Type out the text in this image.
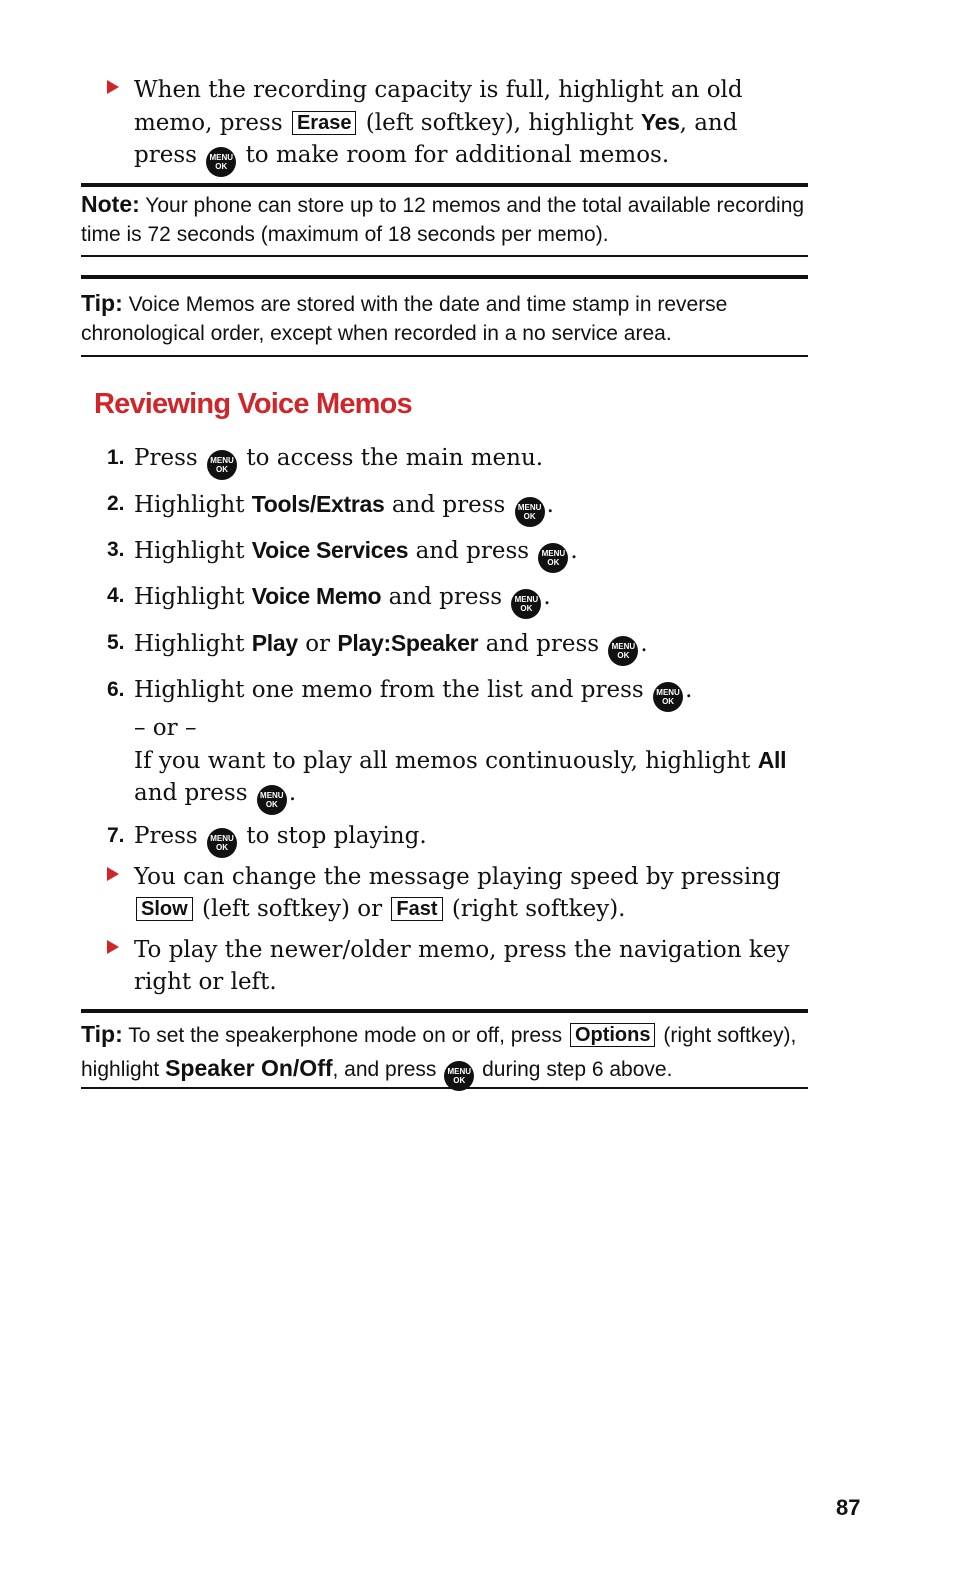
When the recording capacity is full, highlight an old memo, press Erase (left softkey), highlight Yes, and press MENU
OK to make room for additional memos.
Note: Your phone can store up to 12 memos and the total available recording time is 72 seconds (maximum of 18 seconds per memo).
Tip: Voice Memos are stored with the date and time stamp in reverse chronological order, except when recorded in a no service area.
Reviewing Voice Memos
1. Press MENU
OK to access the main menu.
2. Highlight Tools/Extras and press MENU
OK .
3. Highlight Voice Services and press MENU
OK .
4. Highlight Voice Memo and press MENU
OK .
5. Highlight Play or Play:Speaker and press MENU
OK .
6. Highlight one memo from the list and press MENU
OK .
– or –
If you want to play all memos continuously, highlight All and press MENU
OK .
7. Press MENU
OK to stop playing.
You can change the message playing speed by pressing Slow (left softkey) or Fast (right softkey).
To play the newer/older memo, press the navigation key right or left.
Tip: To set the speakerphone mode on or off, press Options (right softkey), highlight Speaker On/Off, and press MENU
OK during step 6 above.
87
